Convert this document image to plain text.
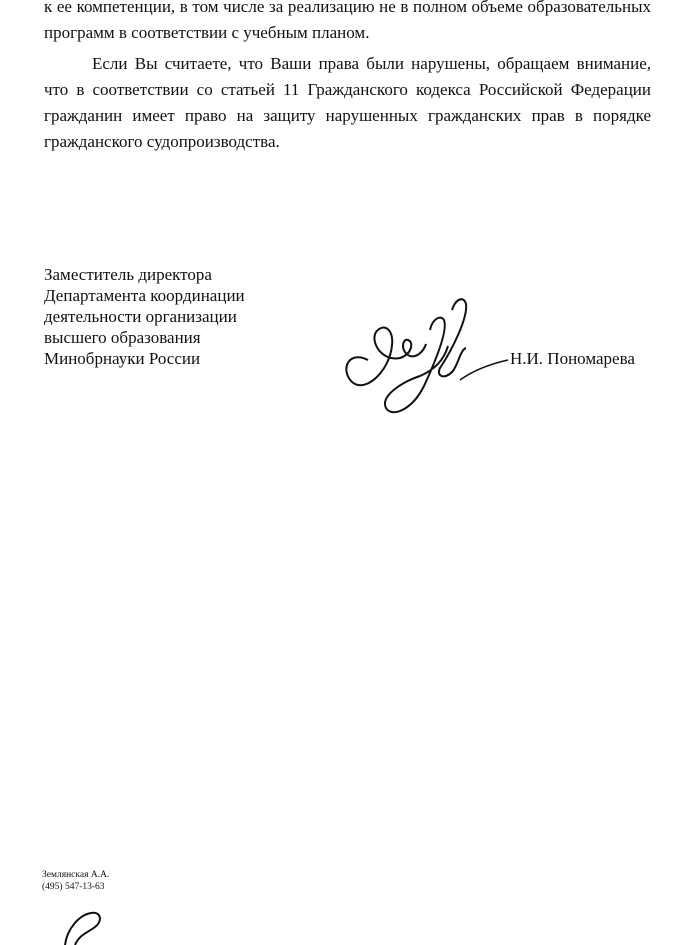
к ее компетенции, в том числе за реализацию не в полном объеме образовательных программ в соответствии с учебным планом.

Если Вы считаете, что Ваши права были нарушены, обращаем внимание, что в соответствии со статьей 11 Гражданского кодекса Российской Федерации гражданин имеет право на защиту нарушенных гражданских прав в порядке гражданского судопроизводства.

Заместитель директора
Департамента координации
деятельности организации
высшего образования
Минобрнауки России	Н.И. Пономарева
Землянская А.А.
(495) 547-13-63
